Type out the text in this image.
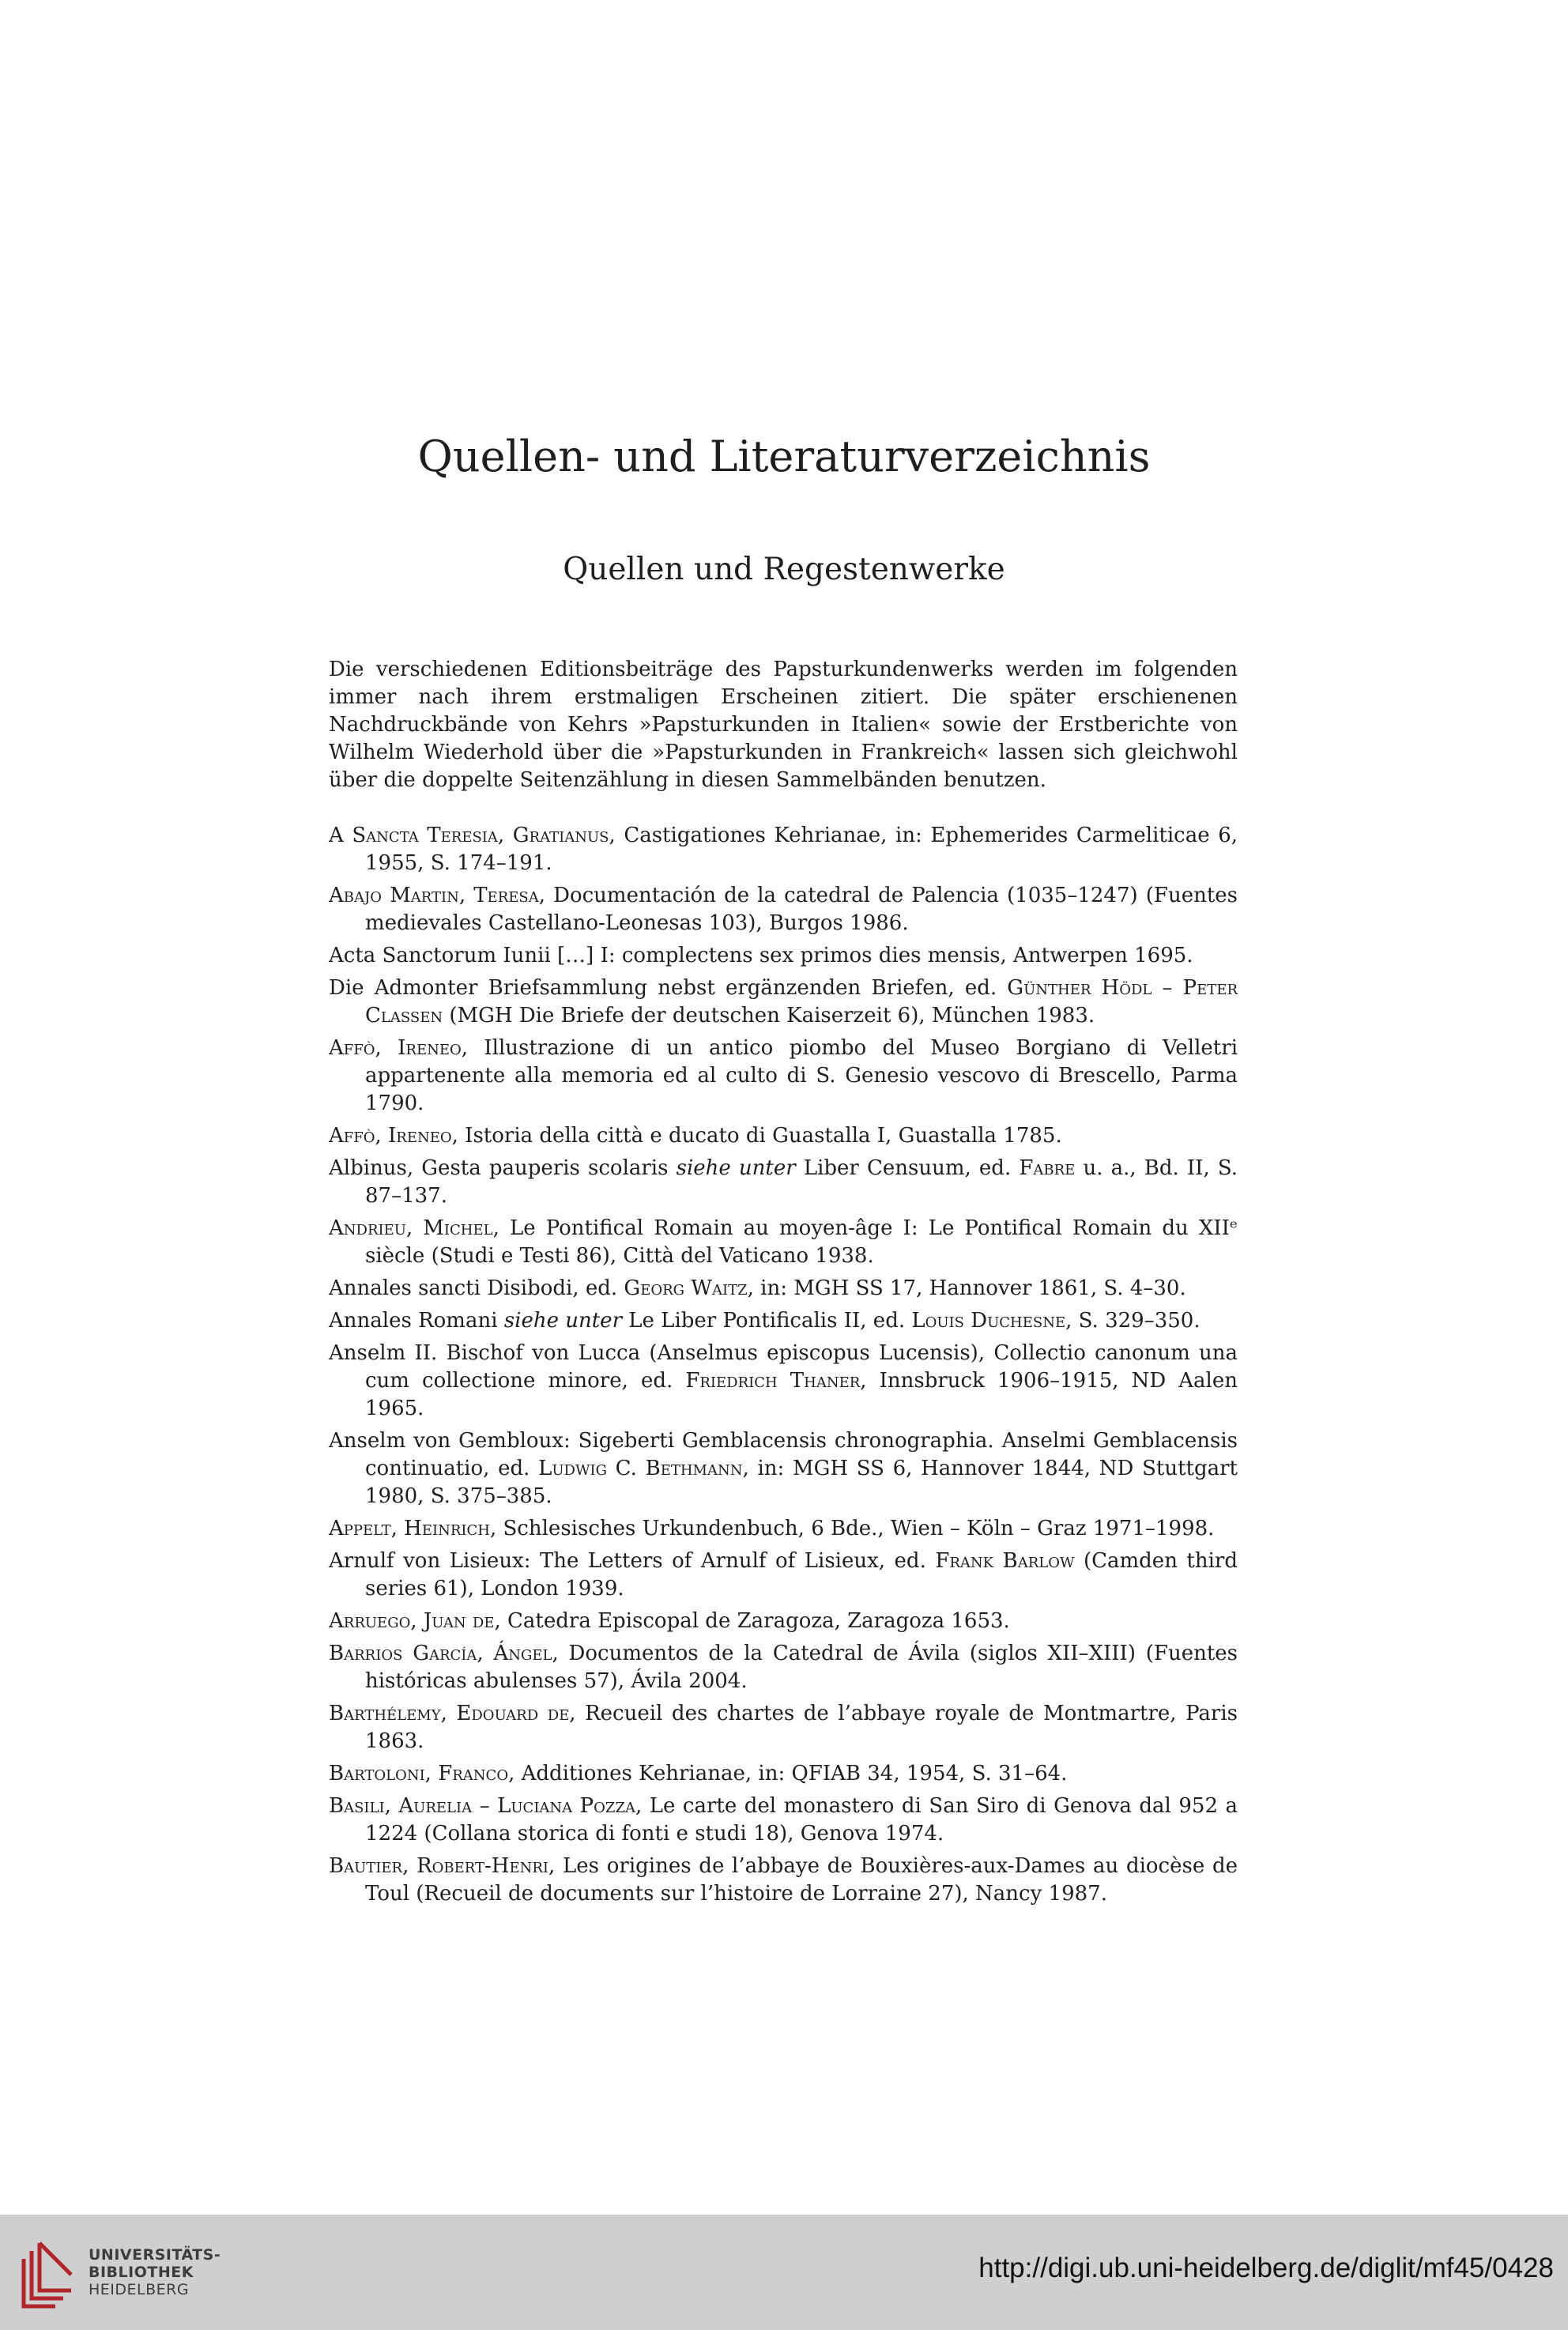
Quellen- und Literaturverzeichnis
Quellen und Regestenwerke

Die verschiedenen Editionsbeiträge des Papsturkundenwerks werden im folgenden immer nach ihrem erstmaligen Erscheinen zitiert. Die später erschienenen Nachdruckbände von Kehrs »Papsturkunden in Italien« sowie der Erstberichte von Wilhelm Wiederhold über die »Papsturkunden in Frankreich« lassen sich gleichwohl über die doppelte Seitenzählung in diesen Sammelbänden benutzen.

A Sancta Teresia, Gratianus, Castigationes Kehrianae, in: Ephemerides Carmeliticae 6, 1955, S. 174–191.

Abajo Martin, Teresa, Documentación de la catedral de Palencia (1035–1247) (Fuentes medievales Castellano-Leonesas 103), Burgos 1986.

Acta Sanctorum Iunii […] I: complectens sex primos dies mensis, Antwerpen 1695.

Die Admonter Briefsammlung nebst ergänzenden Briefen, ed. Günther Hödl – Peter Classen (MGH Die Briefe der deutschen Kaiserzeit 6), München 1983.

Affò, Ireneo, Illustrazione di un antico piombo del Museo Borgiano di Velletri appartenente alla memoria ed al culto di S. Genesio vescovo di Brescello, Parma 1790.

Affò, Ireneo, Istoria della città e ducato di Guastalla I, Guastalla 1785.

Albinus, Gesta pauperis scolaris siehe unter Liber Censuum, ed. Fabre u. a., Bd. II, S. 87–137.

Andrieu, Michel, Le Pontifical Romain au moyen-âge I: Le Pontifical Romain du XIIᵉ siècle (Studi e Testi 86), Città del Vaticano 1938.

Annales sancti Disibodi, ed. Georg Waitz, in: MGH SS 17, Hannover 1861, S. 4–30.

Annales Romani siehe unter Le Liber Pontificalis II, ed. Louis Duchesne, S. 329–350.

Anselm II. Bischof von Lucca (Anselmus episcopus Lucensis), Collectio canonum una cum collectione minore, ed. Friedrich Thaner, Innsbruck 1906–1915, ND Aalen 1965.

Anselm von Gembloux: Sigeberti Gemblacensis chronographia. Anselmi Gemblacensis continuatio, ed. Ludwig C. Bethmann, in: MGH SS 6, Hannover 1844, ND Stuttgart 1980, S. 375–385.

Appelt, Heinrich, Schlesisches Urkundenbuch, 6 Bde., Wien – Köln – Graz 1971–1998.

Arnulf von Lisieux: The Letters of Arnulf of Lisieux, ed. Frank Barlow (Camden third series 61), London 1939.

Arruego, Juan de, Catedra Episcopal de Zaragoza, Zaragoza 1653.

Barrios García, Ángel, Documentos de la Catedral de Ávila (siglos XII–XIII) (Fuentes históricas abulenses 57), Ávila 2004.

Barthélemy, Edouard de, Recueil des chartes de l’abbaye royale de Montmartre, Paris 1863.

Bartoloni, Franco, Additiones Kehrianae, in: QFIAB 34, 1954, S. 31–64.

Basili, Aurelia – Luciana Pozza, Le carte del monastero di San Siro di Genova dal 952 a 1224 (Collana storica di fonti e studi 18), Genova 1974.

Bautier, Robert-Henri, Les origines de l’abbaye de Bouxières-aux-Dames au diocèse de Toul (Recueil de documents sur l’histoire de Lorraine 27), Nancy 1987.

UNIVERSITÄTS-
BIBLIOTHEK
HEIDELBERG
http://digi.ub.uni-heidelberg.de/diglit/mf45/0428
